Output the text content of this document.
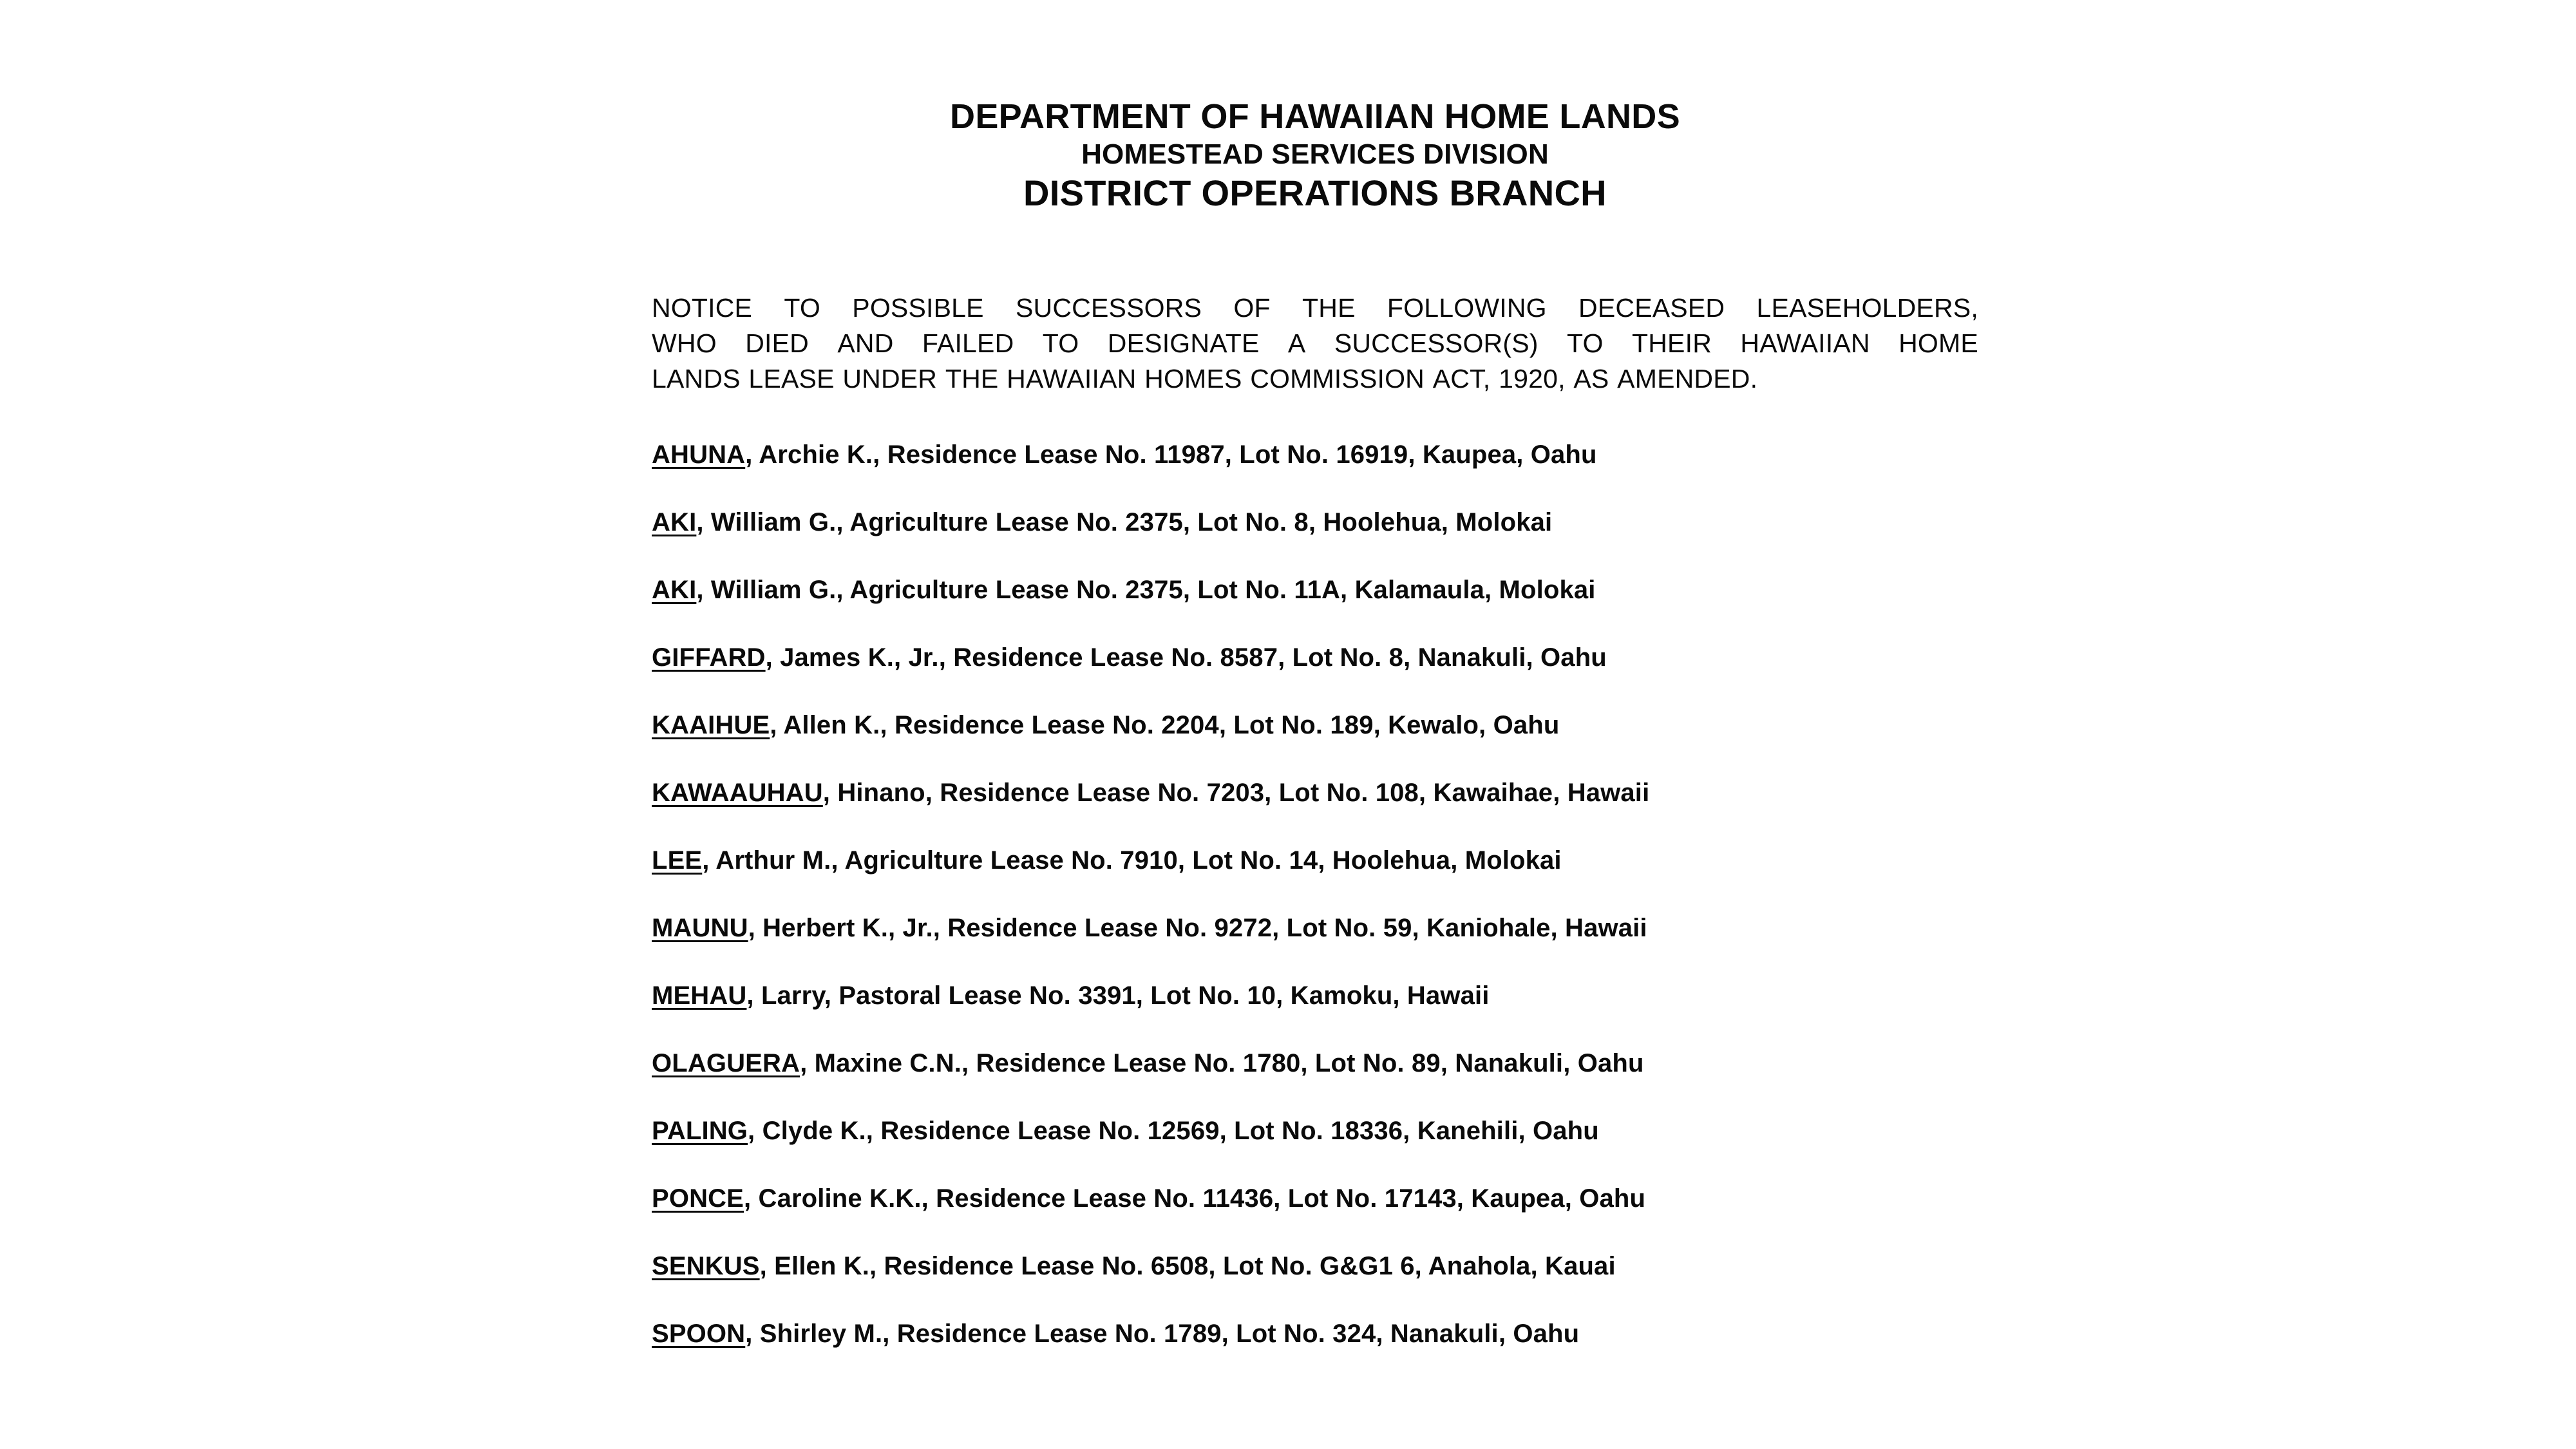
DEPARTMENT OF HAWAIIAN HOME LANDS
HOMESTEAD SERVICES DIVISION
DISTRICT OPERATIONS BRANCH
NOTICE TO POSSIBLE SUCCESSORS OF THE FOLLOWING DECEASED LEASEHOLDERS,
WHO DIED AND FAILED TO DESIGNATE A SUCCESSOR(S) TO THEIR HAWAIIAN HOME
LANDS LEASE UNDER THE HAWAIIAN HOMES COMMISSION ACT, 1920, AS AMENDED.
AHUNA , Archie K., Residence Lease No. 11987, Lot No. 16919, Kaupea, Oahu
AKI , William G., Agriculture Lease No. 2375, Lot No. 8, Hoolehua, Molokai
AKI , William G., Agriculture Lease No. 2375, Lot No. 11A, Kalamaula, Molokai
GIFFARD , James K., Jr., Residence Lease No. 8587, Lot No. 8, Nanakuli, Oahu
KAAIHUE , Allen K., Residence Lease No. 2204, Lot No. 189, Kewalo, Oahu
KAWAAUHAU , Hinano, Residence Lease No. 7203, Lot No. 108, Kawaihae, Hawaii
LEE , Arthur M., Agriculture Lease No. 7910, Lot No. 14, Hoolehua, Molokai
MAUNU , Herbert K., Jr., Residence Lease No. 9272, Lot No. 59, Kaniohale, Hawaii
MEHAU , Larry, Pastoral Lease No. 3391, Lot No. 10, Kamoku, Hawaii
OLAGUERA , Maxine C.N., Residence Lease No. 1780, Lot No. 89, Nanakuli, Oahu
PALING , Clyde K., Residence Lease No. 12569, Lot No. 18336, Kanehili, Oahu
PONCE , Caroline K.K., Residence Lease No. 11436, Lot No. 17143, Kaupea, Oahu
SENKUS , Ellen K., Residence Lease No. 6508, Lot No. G&G1 6, Anahola, Kauai
SPOON , Shirley M., Residence Lease No. 1789, Lot No. 324, Nanakuli, Oahu
